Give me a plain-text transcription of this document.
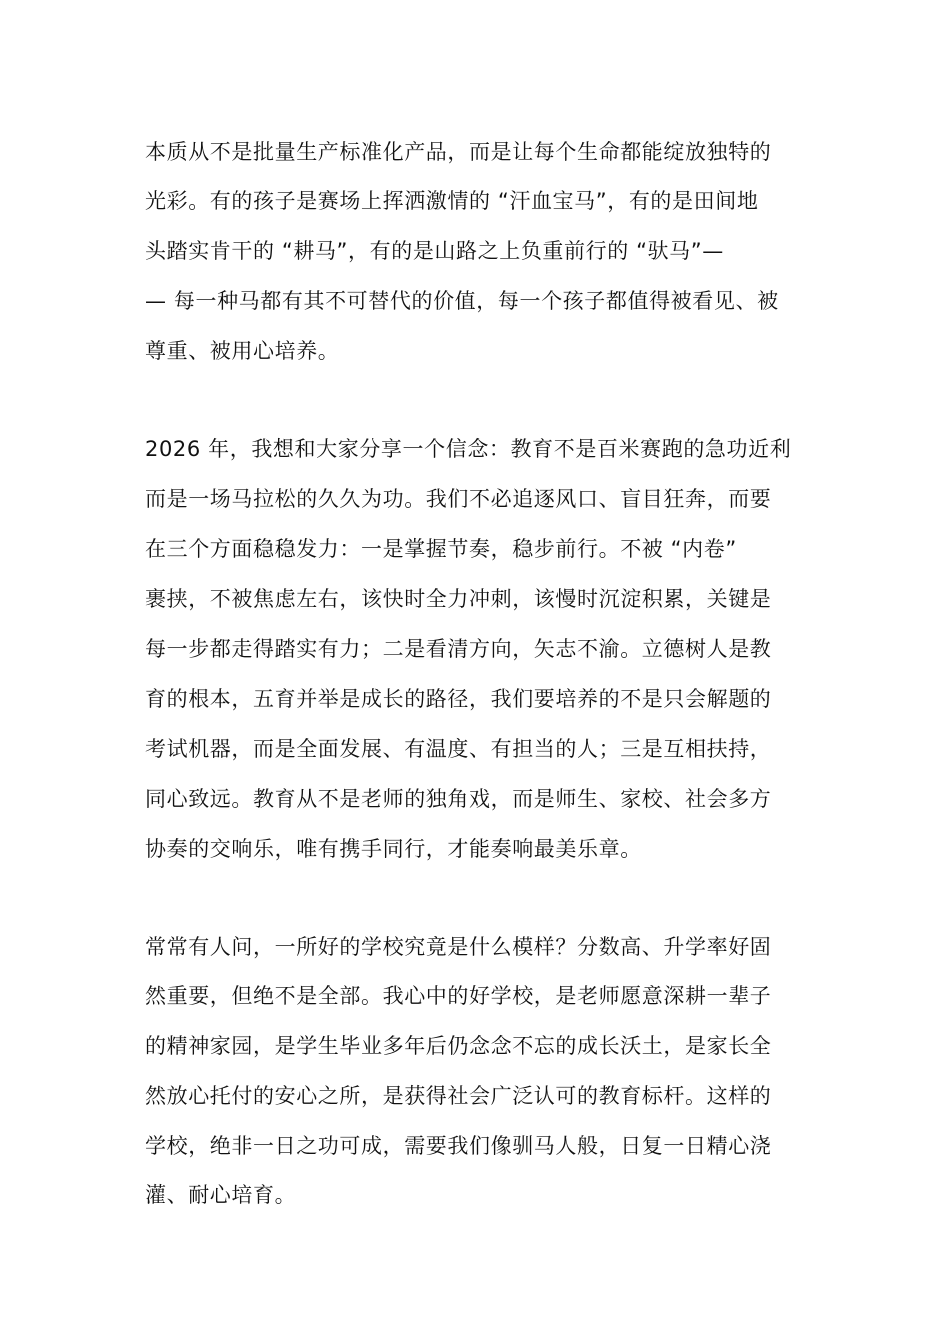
本质从不是批量生产标准化产品，而是让每个生命都能绽放独特的

光彩。有的孩子是赛场上挥洒激情的 “汗血宝马”，有的是田间地

头踏实肯干的 “耕马”，有的是山路之上负重前行的 “驮马”—

— 每一种马都有其不可替代的价值，每一个孩子都值得被看见、被

尊重、被用心培养。

2026 年，我想和大家分享一个信念：教育不是百米赛跑的急功近利

而是一场马拉松的久久为功。我们不必追逐风口、盲目狂奔，而要

在三个方面稳稳发力：一是掌握节奏，稳步前行。不被 “内卷”

裹挟，不被焦虑左右，该快时全力冲刺，该慢时沉淀积累，关键是

每一步都走得踏实有力；二是看清方向，矢志不渝。立德树人是教

育的根本，五育并举是成长的路径，我们要培养的不是只会解题的

考试机器，而是全面发展、有温度、有担当的人；三是互相扶持，

同心致远。教育从不是老师的独角戏，而是师生、家校、社会多方

协奏的交响乐，唯有携手同行，才能奏响最美乐章。

常常有人问，一所好的学校究竟是什么模样？分数高、升学率好固

然重要，但绝不是全部。我心中的好学校，是老师愿意深耕一辈子

的精神家园，是学生毕业多年后仍念念不忘的成长沃土，是家长全

然放心托付的安心之所，是获得社会广泛认可的教育标杆。这样的

学校，绝非一日之功可成，需要我们像驯马人般，日复一日精心浇

灌、耐心培育。
